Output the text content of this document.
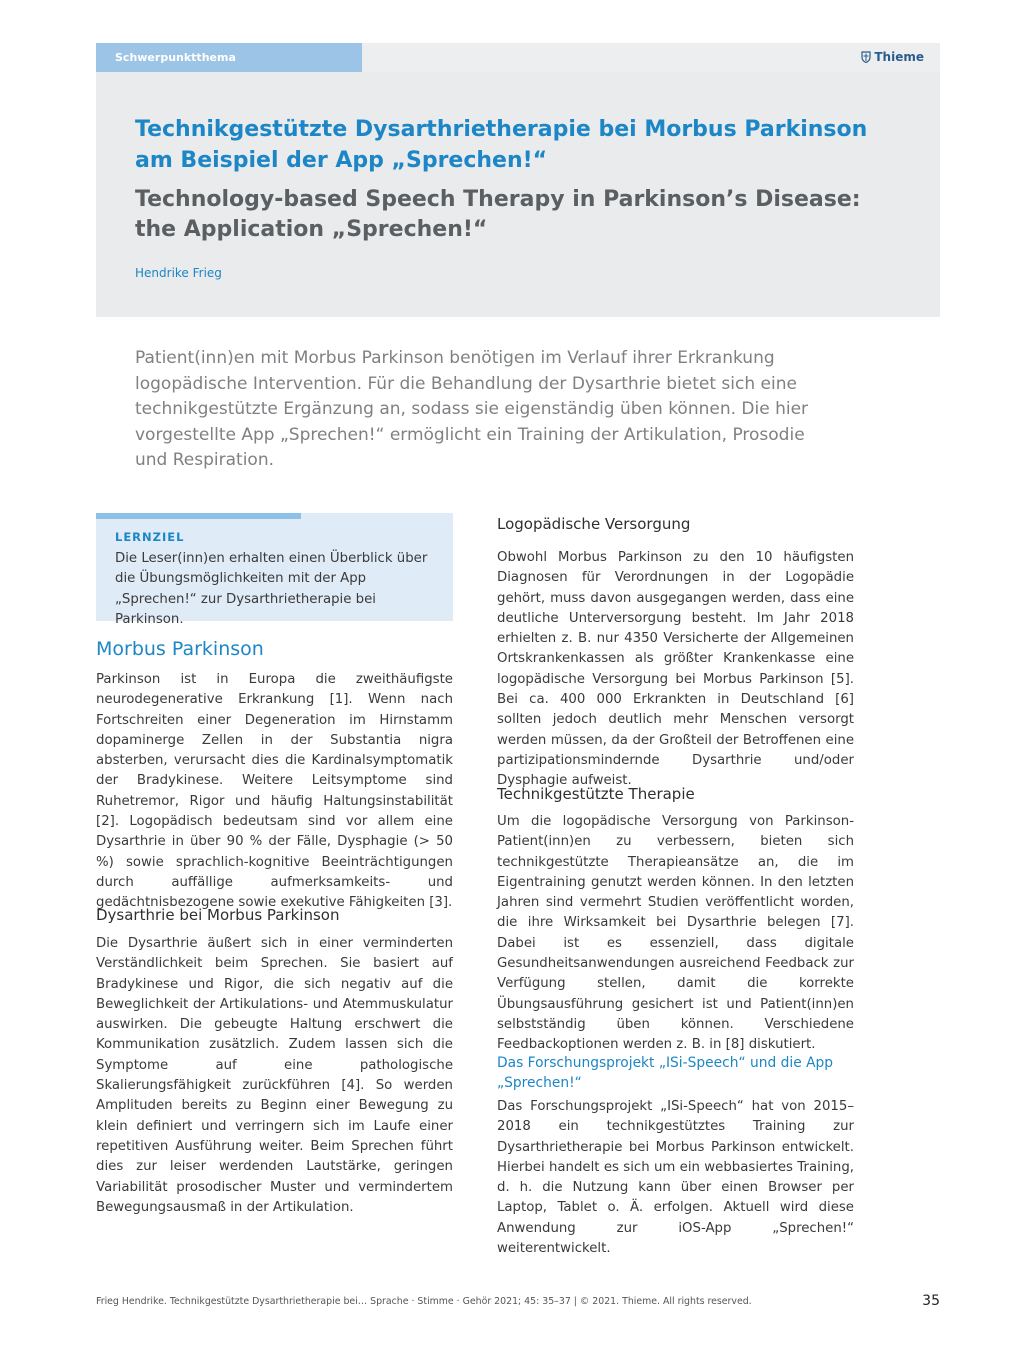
Schwerpunktthema	Thieme
Technikgestützte Dysarthrietherapie bei Morbus Parkinson
am Beispiel der App „Sprechen!“
Technology-based Speech Therapy in Parkinson’s Disease:
the Application „Sprechen!“
Hendrike Frieg
Patient(inn)en mit Morbus Parkinson benötigen im Verlauf ihrer Erkrankung logopädische Intervention. Für die Behandlung der Dysarthrie bietet sich eine technikgestützte Ergänzung an, sodass sie eigenständig üben können. Die hier vorgestellte App „Sprechen!“ ermöglicht ein Training der Artikulation, Prosodie und Respiration.
LERNZIEL
Die Leser(inn)en erhalten einen Überblick über die Übungsmöglichkeiten mit der App „Sprechen!“ zur Dysarthrietherapie bei Parkinson.
Morbus Parkinson

Parkinson ist in Europa die zweithäufigste neurodegenerative Erkrankung [1]. Wenn nach Fortschreiten einer Degeneration im Hirnstamm dopaminerge Zellen in der Substantia nigra absterben, verursacht dies die Kardinalsymptomatik der Bradykinese. Weitere Leitsymptome sind Ruhetremor, Rigor und häufig Haltungsinstabilität [2]. Logopädisch bedeutsam sind vor allem eine Dysarthrie in über 90 % der Fälle, Dysphagie (> 50 %) sowie sprachlich-kognitive Beeinträchtigungen durch auffällige aufmerksamkeits- und gedächtnisbezogene sowie exekutive Fähigkeiten [3].

Dysarthrie bei Morbus Parkinson

Die Dysarthrie äußert sich in einer verminderten Verständlichkeit beim Sprechen. Sie basiert auf Bradykinese und Rigor, die sich negativ auf die Beweglichkeit der Artikulations- und Atemmuskulatur auswirken. Die gebeugte Haltung erschwert die Kommunikation zusätzlich. Zudem lassen sich die Symptome auf eine pathologische Skalierungsfähigkeit zurückführen [4]. So werden Amplituden bereits zu Beginn einer Bewegung zu klein definiert und verringern sich im Laufe einer repetitiven Ausführung weiter. Beim Sprechen führt dies zur leiser werdenden Lautstärke, geringen Variabilität prosodischer Muster und vermindertem Bewegungsausmaß in der Artikulation.

Logopädische Versorgung

Obwohl Morbus Parkinson zu den 10 häufigsten Diagnosen für Verordnungen in der Logopädie gehört, muss davon ausgegangen werden, dass eine deutliche Unterversorgung besteht. Im Jahr 2018 erhielten z. B. nur 4350 Versicherte der Allgemeinen Ortskrankenkassen als größter Krankenkasse eine logopädische Versorgung bei Morbus Parkinson [5]. Bei ca. 400 000 Erkrankten in Deutschland [6] sollten jedoch deutlich mehr Menschen versorgt werden müssen, da der Großteil der Betroffenen eine partizipationsmindernde Dysarthrie und/oder Dysphagie aufweist.

Technikgestützte Therapie

Um die logopädische Versorgung von Parkinson-Patient(inn)en zu verbessern, bieten sich technikgestützte Therapieansätze an, die im Eigentraining genutzt werden können. In den letzten Jahren sind vermehrt Studien veröffentlicht worden, die ihre Wirksamkeit bei Dysarthrie belegen [7]. Dabei ist es essenziell, dass digitale Gesundheitsanwendungen ausreichend Feedback zur Verfügung stellen, damit die korrekte Übungsausführung gesichert ist und Patient(inn)en selbstständig üben können. Verschiedene Feedbackoptionen werden z. B. in [8] diskutiert.

Das Forschungsprojekt „ISi-Speech“ und die App „Sprechen!“

Das Forschungsprojekt „ISi-Speech“ hat von 2015–2018 ein technikgestütztes Training zur Dysarthrietherapie bei Morbus Parkinson entwickelt. Hierbei handelt es sich um ein webbasiertes Training, d. h. die Nutzung kann über einen Browser per Laptop, Tablet o. Ä. erfolgen. Aktuell wird diese Anwendung zur iOS-App „Sprechen!“ weiterentwickelt.

Frieg Hendrike. Technikgestützte Dysarthrietherapie bei… Sprache · Stimme · Gehör 2021; 45: 35–37 | © 2021. Thieme. All rights reserved.	35
